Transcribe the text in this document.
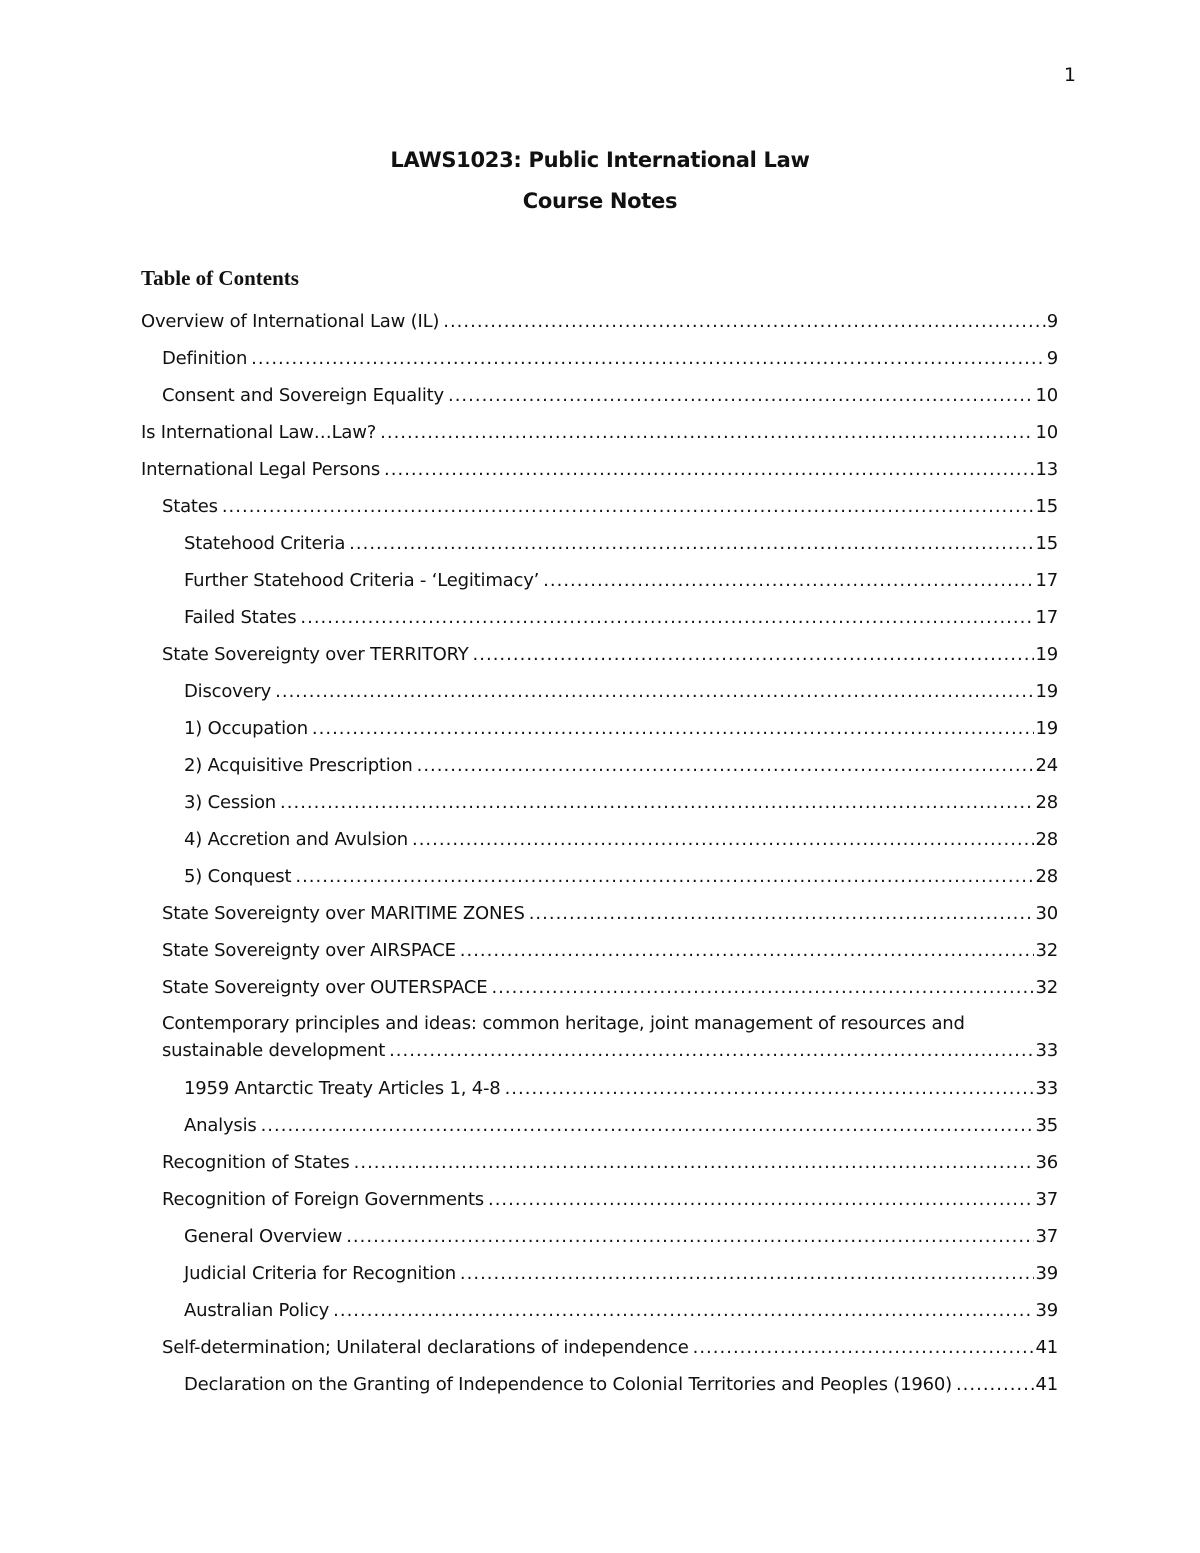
1
LAWS1023: Public International Law
Course Notes
Table of Contents
Overview of International Law (IL) .....	9
Definition .....	9
Consent and Sovereign Equality .....	10
Is International Law…Law? .....	10
International Legal Persons .....	13
States .....	15
Statehood Criteria .....	15
Further Statehood Criteria - ‘Legitimacy’ .....	17
Failed States .....	17
State Sovereignty over TERRITORY .....	19
Discovery .....	19
1) Occupation .....	19
2) Acquisitive Prescription .....	24
3) Cession .....	28
4) Accretion and Avulsion .....	28
5) Conquest .....	28
State Sovereignty over MARITIME ZONES .....	30
State Sovereignty over AIRSPACE .....	32
State Sovereignty over OUTERSPACE .....	32
Contemporary principles and ideas: common heritage, joint management of resources and
sustainable development .....	33
1959 Antarctic Treaty Articles 1, 4-8 .....	33
Analysis .....	35
Recognition of States .....	36
Recognition of Foreign Governments .....	37
General Overview .....	37
Judicial Criteria for Recognition .....	39
Australian Policy .....	39
Self-determination; Unilateral declarations of independence .....	41
Declaration on the Granting of Independence to Colonial Territories and Peoples (1960) .....	41
